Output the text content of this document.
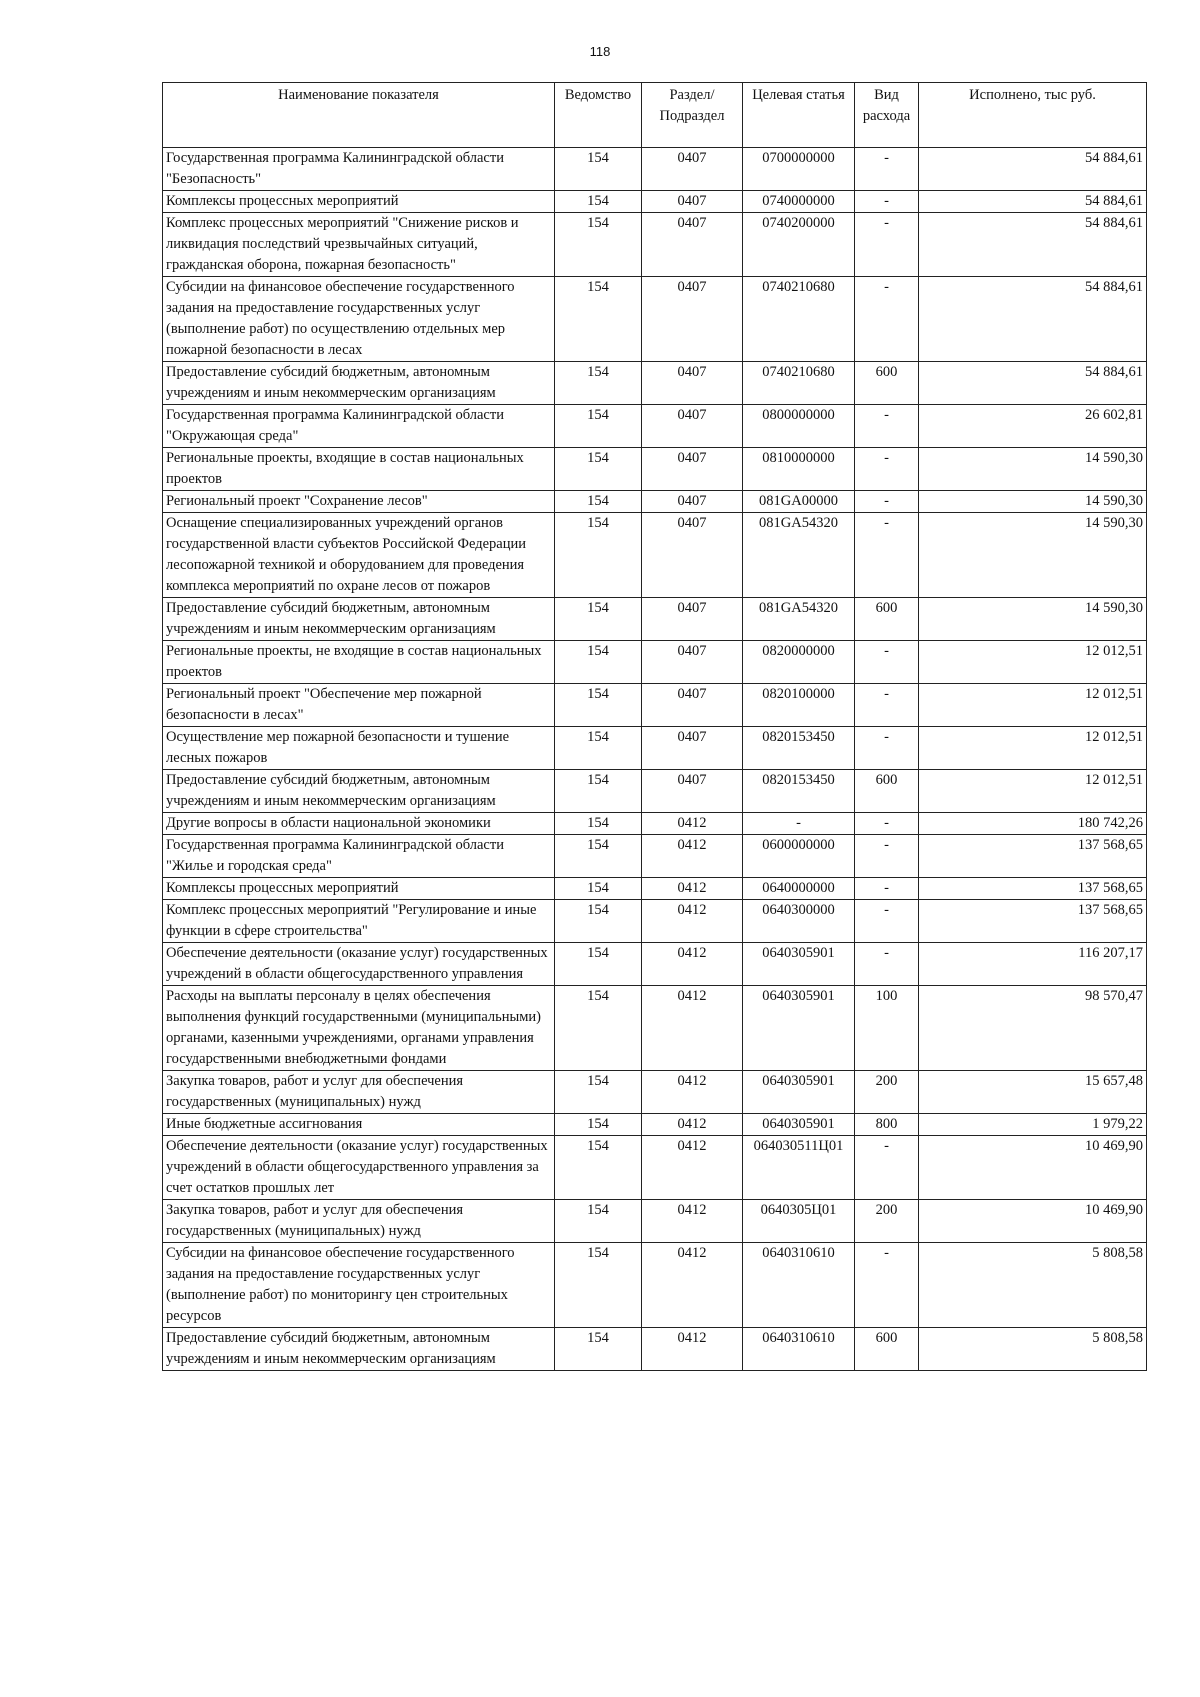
118
Наименование показателя	Ведомство	Раздел/ Подраздел	Целевая статья	Вид расхода	Исполнено, тыс руб.
Государственная программа Калининградской области "Безопасность"	154	0407	0700000000	-	54 884,61
Комплексы процессных мероприятий	154	0407	0740000000	-	54 884,61
Комплекс процессных мероприятий "Снижение рисков и ликвидация последствий чрезвычайных ситуаций, гражданская оборона, пожарная безопасность"	154	0407	0740200000	-	54 884,61
Субсидии на финансовое обеспечение государственного задания на предоставление государственных услуг (выполнение работ) по осуществлению отдельных мер пожарной безопасности в лесах	154	0407	0740210680	-	54 884,61
Предоставление субсидий бюджетным, автономным учреждениям и иным некоммерческим организациям	154	0407	0740210680	600	54 884,61
Государственная программа Калининградской области "Окружающая среда"	154	0407	0800000000	-	26 602,81
Региональные проекты, входящие в состав национальных проектов	154	0407	0810000000	-	14 590,30
Региональный проект "Сохранение лесов"	154	0407	081GA00000	-	14 590,30
Оснащение специализированных учреждений органов государственной власти субъектов Российской Федерации лесопожарной техникой и оборудованием для проведения комплекса мероприятий по охране лесов от пожаров	154	0407	081GA54320	-	14 590,30
Предоставление субсидий бюджетным, автономным учреждениям и иным некоммерческим организациям	154	0407	081GA54320	600	14 590,30
Региональные проекты, не входящие в состав национальных проектов	154	0407	0820000000	-	12 012,51
Региональный проект "Обеспечение мер пожарной безопасности в лесах"	154	0407	0820100000	-	12 012,51
Осуществление мер пожарной безопасности и тушение лесных пожаров	154	0407	0820153450	-	12 012,51
Предоставление субсидий бюджетным, автономным учреждениям и иным некоммерческим организациям	154	0407	0820153450	600	12 012,51
Другие вопросы в области национальной экономики	154	0412	-	-	180 742,26
Государственная программа Калининградской области "Жилье и городская среда"	154	0412	0600000000	-	137 568,65
Комплексы процессных мероприятий	154	0412	0640000000	-	137 568,65
Комплекс процессных мероприятий "Регулирование и иные функции в сфере строительства"	154	0412	0640300000	-	137 568,65
Обеспечение деятельности (оказание услуг) государственных учреждений в области общегосударственного управления	154	0412	0640305901	-	116 207,17
Расходы на выплаты персоналу в целях обеспечения выполнения функций государственными (муниципальными) органами, казенными учреждениями, органами управления государственными внебюджетными фондами	154	0412	0640305901	100	98 570,47
Закупка товаров, работ и услуг для обеспечения государственных (муниципальных) нужд	154	0412	0640305901	200	15 657,48
Иные бюджетные ассигнования	154	0412	0640305901	800	1 979,22
Обеспечение деятельности (оказание услуг) государственных учреждений в области общегосударственного управления за счет остатков прошлых лет	154	0412	064030511Ц01	-	10 469,90
Закупка товаров, работ и услуг для обеспечения государственных (муниципальных) нужд	154	0412	0640305Ц01	200	10 469,90
Субсидии на финансовое обеспечение государственного задания на предоставление государственных услуг (выполнение работ) по мониторингу цен строительных ресурсов	154	0412	0640310610	-	5 808,58
Предоставление субсидий бюджетным, автономным учреждениям и иным некоммерческим организациям	154	0412	0640310610	600	5 808,58
